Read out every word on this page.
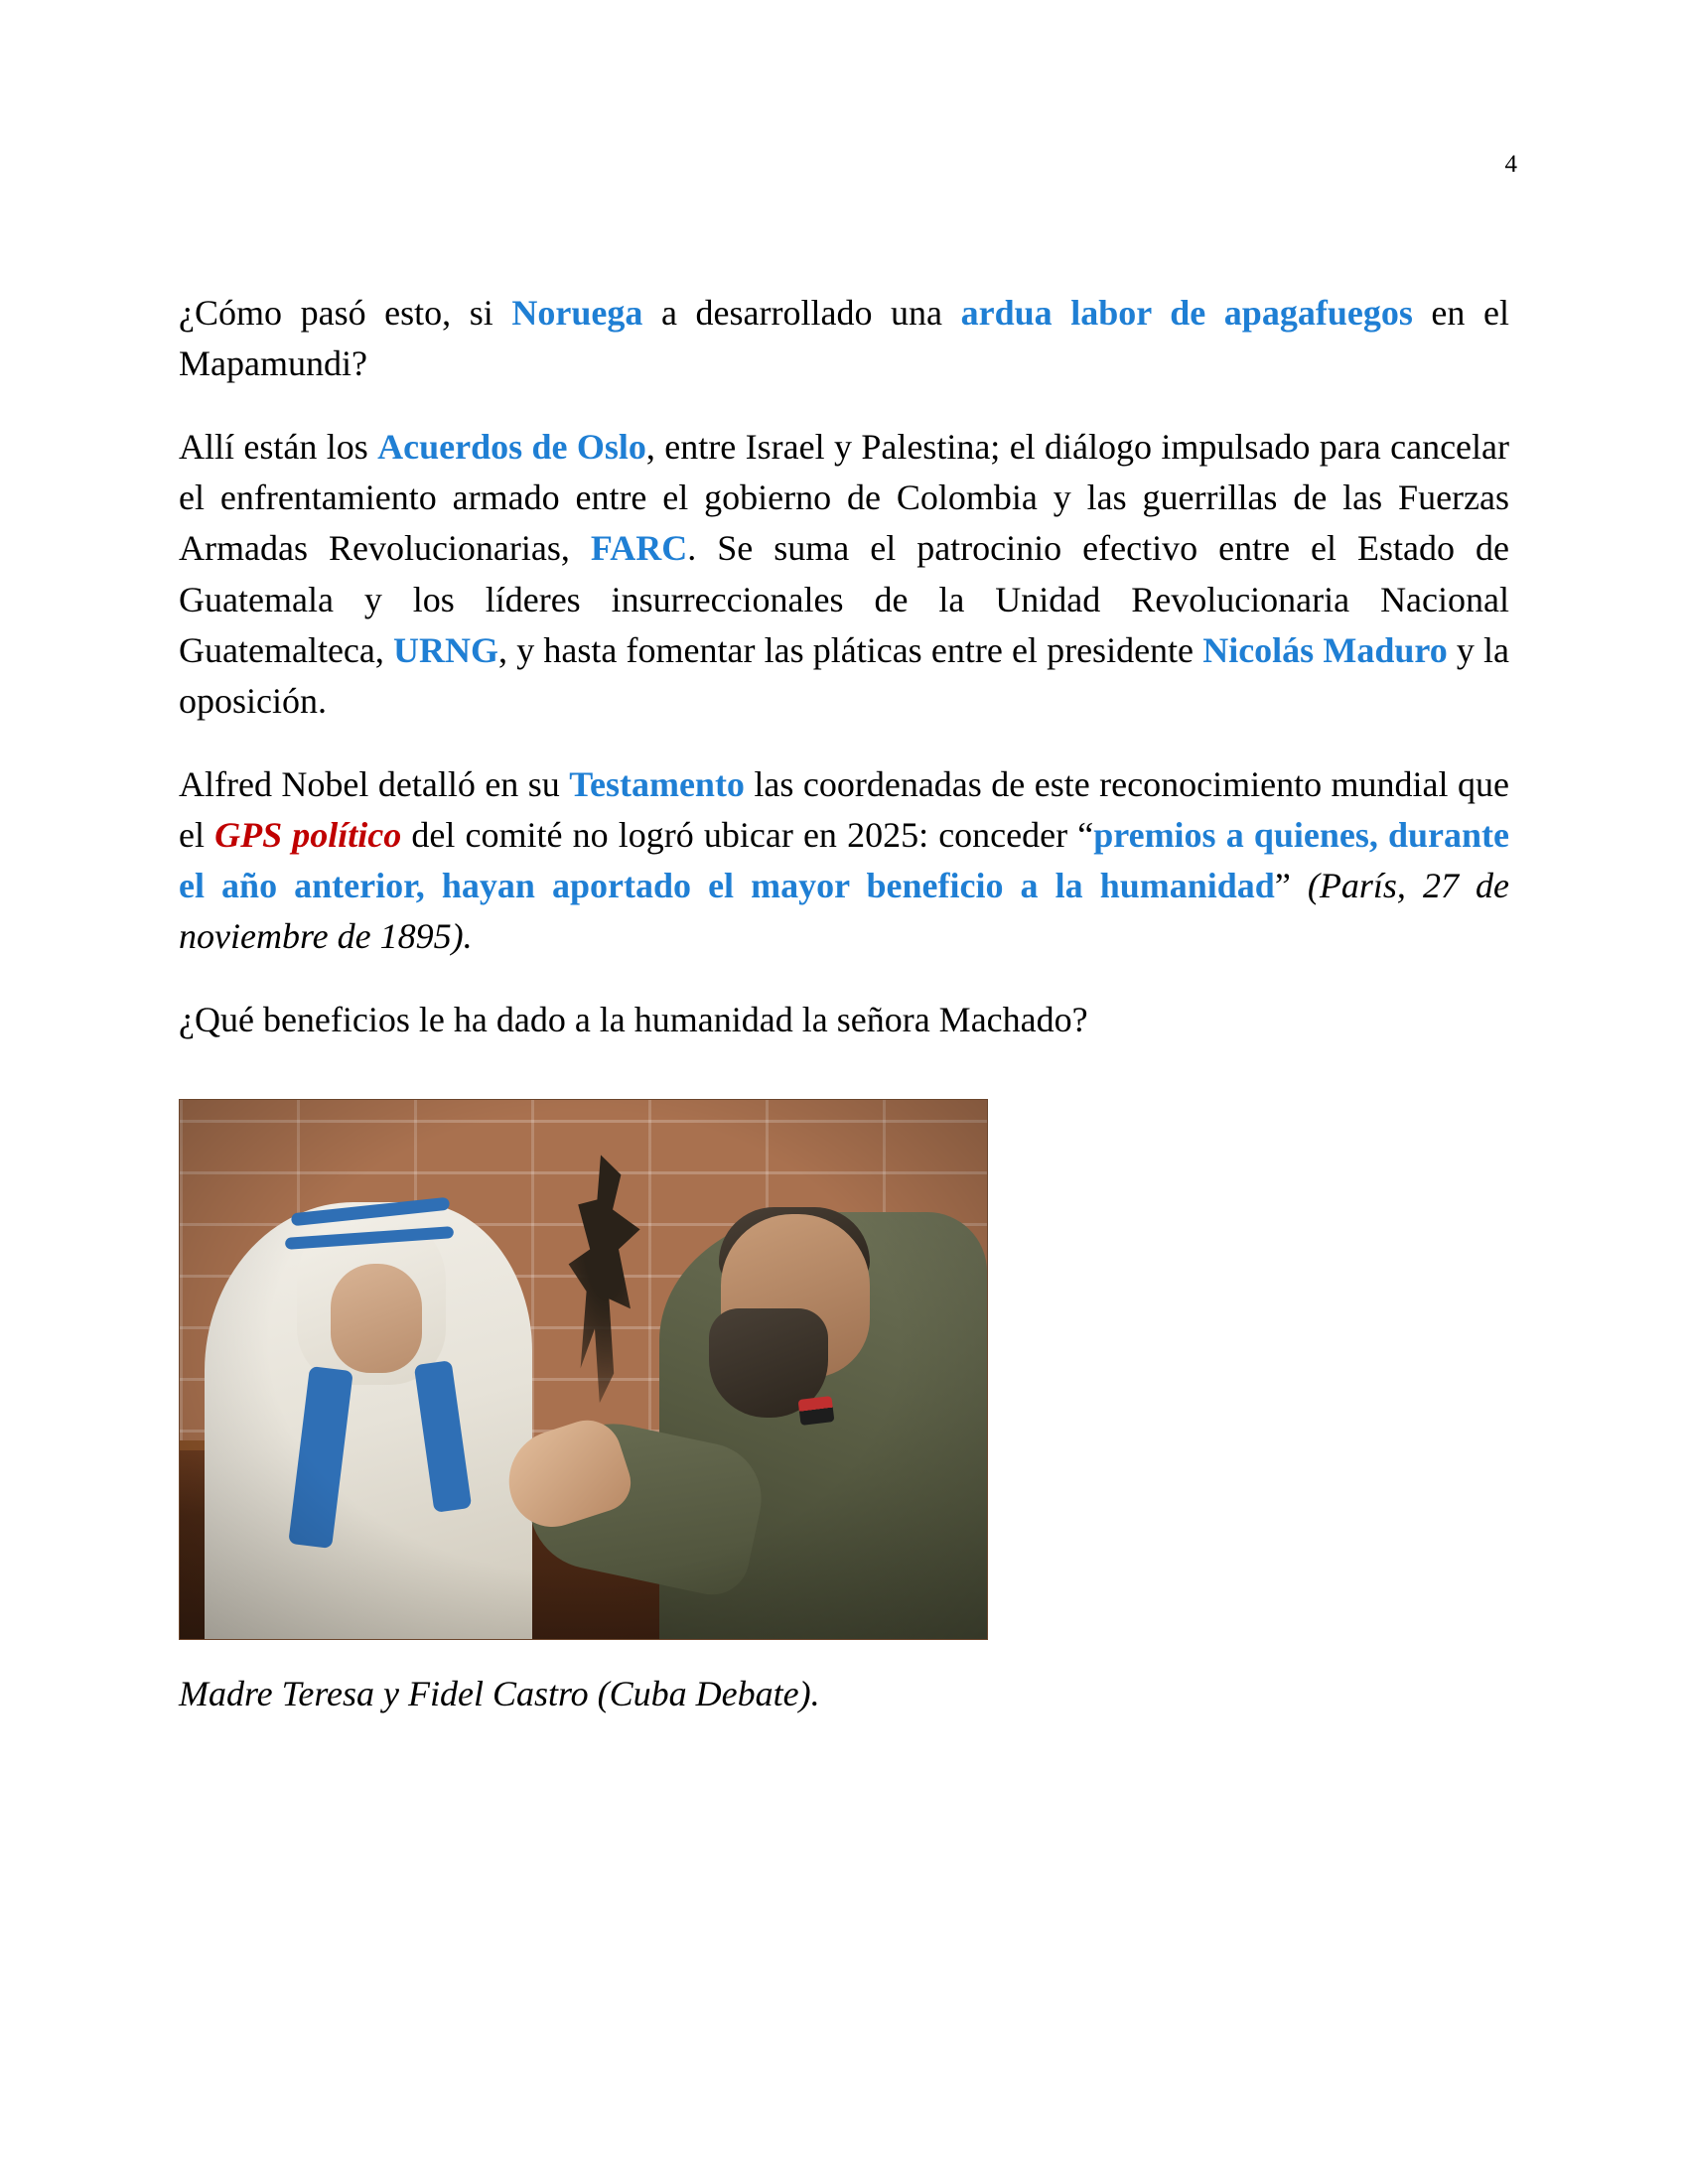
4

¿Cómo pasó esto, si Noruega a desarrollado una ardua labor de apagafuegos en el Mapamundi?

Allí están los Acuerdos de Oslo, entre Israel y Palestina; el diálogo impulsado para cancelar el enfrentamiento armado entre el gobierno de Colombia y las guerrillas de las Fuerzas Armadas Revolucionarias, FARC. Se suma el patrocinio efectivo entre el Estado de Guatemala y los líderes insurreccionales de la Unidad Revolucionaria Nacional Guatemalteca, URNG, y hasta fomentar las pláticas entre el presidente Nicolás Maduro y la oposición.

Alfred Nobel detalló en su Testamento las coordenadas de este reconocimiento mundial que el GPS político del comité no logró ubicar en 2025: conceder “premios a quienes, durante el año anterior, hayan aportado el mayor beneficio a la humanidad” (París, 27 de noviembre de 1895).

¿Qué beneficios le ha dado a la humanidad la señora Machado?

Madre Teresa y Fidel Castro (Cuba Debate).
